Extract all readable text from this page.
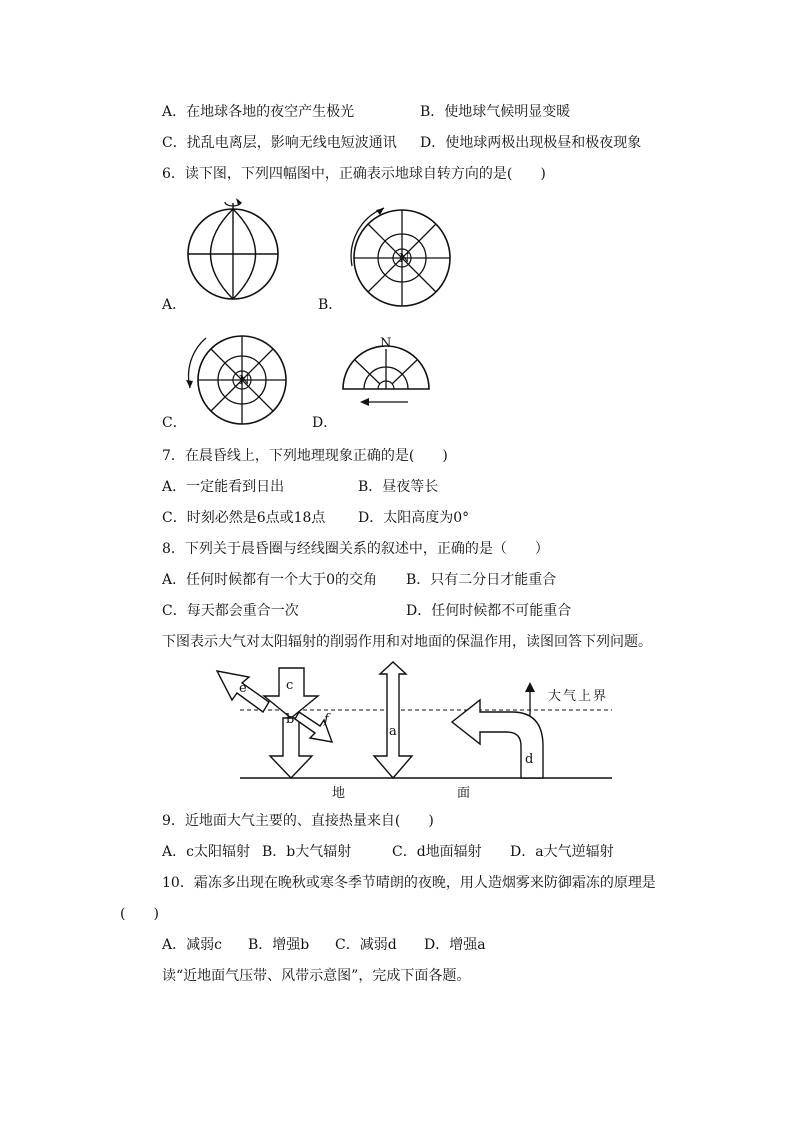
A．在地球各地的夜空产生极光	B．使地球气候明显变暖
C．扰乱电离层，影响无线电短波通讯 D．使地球两极出现极昼和极夜现象
6．读下图，下列四幅图中，正确表示地球自转方向的是(　　)
A．
N
B．
N
C．
N
D．
7．在晨昏线上，下列地理现象正确的是(　　)
A．一定能看到日出	B．昼夜等长
C．时刻必然是6点或18点 D．太阳高度为0°
8．下列关于晨昏圈与经线圈关系的叙述中，正确的是（　　）
A．任何时候都有一个大于0的交角 B．只有二分日才能重合
C．每天都会重合一次	D．任何时候都不可能重合
下图表示大气对太阳辐射的削弱作用和对地面的保温作用，读图回答下列问题。
c
e
b f
a
d
大气上界
地	面
9．近地面大气主要的、直接热量来自(　　)
A．c太阳辐射 B．b大气辐射	C．d地面辐射 D．a大气逆辐射
10．霜冻多出现在晚秋或寒冬季节晴朗的夜晚，用人造烟雾来防御霜冻的原理是
(　　)
A．减弱c B．增强b C．减弱d D．增强a
读“近地面气压带、风带示意图”，完成下面各题。
